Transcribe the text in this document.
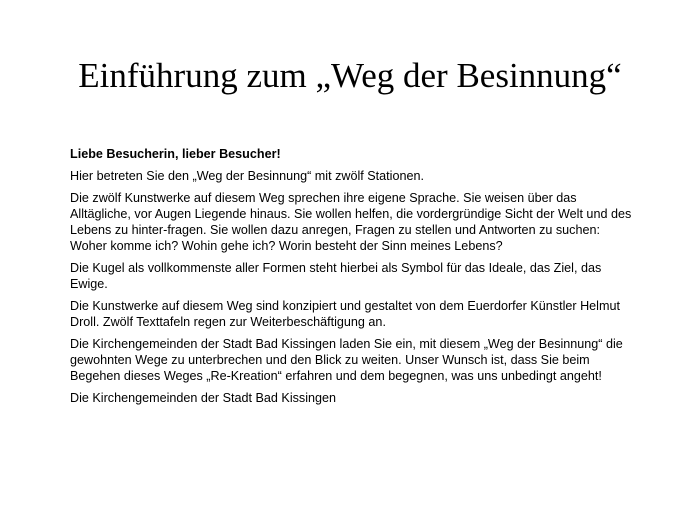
Einführung zum „Weg der Besinnung“

Liebe Besucherin, lieber Besucher!

Hier betreten Sie den „Weg der Besinnung“ mit zwölf Stationen.

Die zwölf Kunstwerke auf diesem Weg sprechen ihre eigene Sprache. Sie weisen über das Alltägliche, vor Augen Liegende hinaus. Sie wollen helfen, die vordergründige Sicht der Welt und des Lebens zu hinter-fragen. Sie wollen dazu anregen, Fragen zu stellen und Antworten zu suchen: Woher komme ich? Wohin gehe ich? Worin besteht der Sinn meines Lebens?

Die Kugel als vollkommenste aller Formen steht hierbei als Symbol für das Ideale, das Ziel, das Ewige.

Die Kunstwerke auf diesem Weg sind konzipiert und gestaltet von dem Euerdorfer Künstler Helmut Droll. Zwölf Texttafeln regen zur Weiterbeschäftigung an.

Die Kirchengemeinden der Stadt Bad Kissingen laden Sie ein, mit diesem „Weg der Besinnung“ die gewohnten Wege zu unterbrechen und den Blick zu weiten. Unser Wunsch ist, dass Sie beim Begehen dieses Weges „Re-Kreation“ erfahren und dem begegnen, was uns unbedingt angeht!

Die Kirchengemeinden der Stadt Bad Kissingen
